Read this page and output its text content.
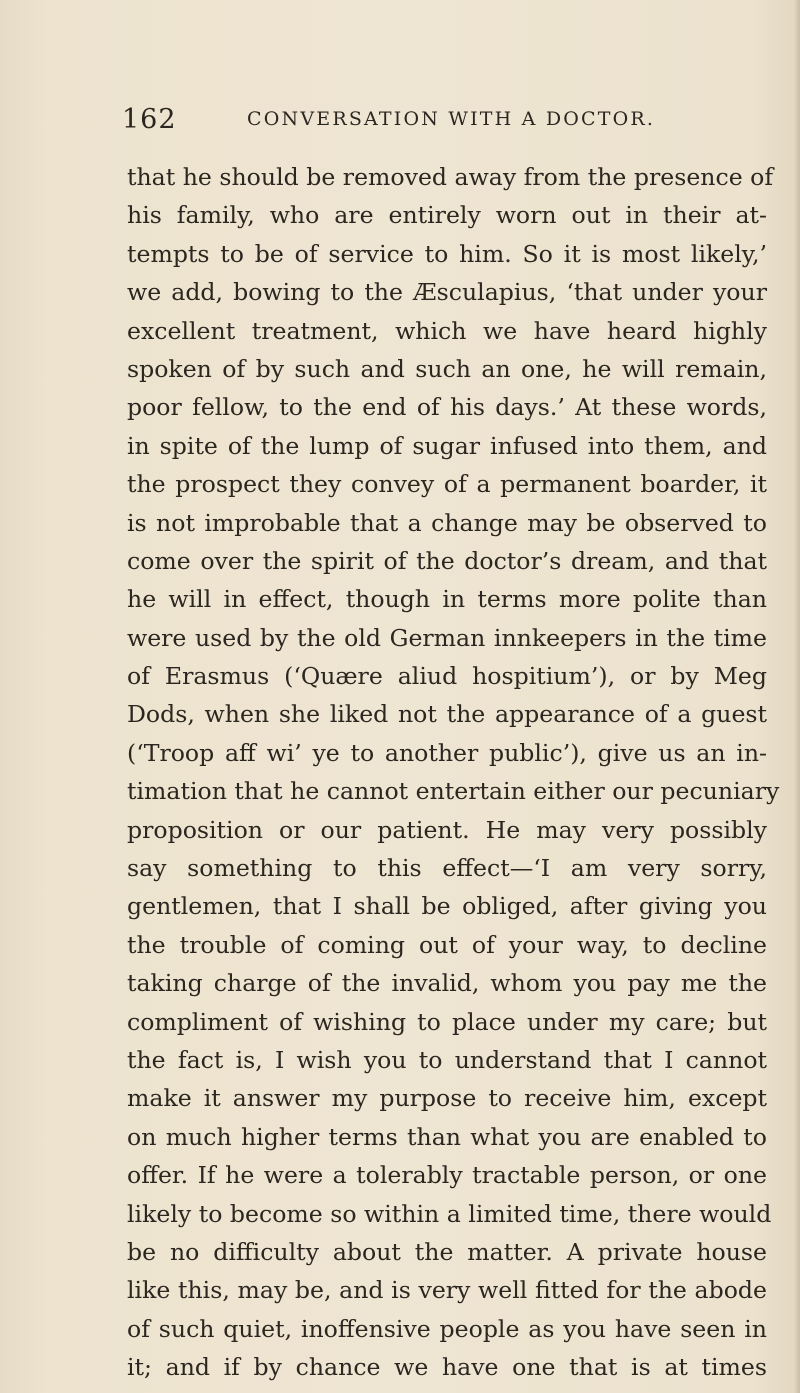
162	CONVERSATION WITH A DOCTOR.
that he should be removed away from the presence of
his family, who are entirely worn out in their at-
tempts to be of service to him. So it is most likely,’
we add, bowing to the Æsculapius, ‘that under your
excellent treatment, which we have heard highly
spoken of by such and such an one, he will remain,
poor fellow, to the end of his days.’ At these words,
in spite of the lump of sugar infused into them, and
the prospect they convey of a permanent boarder, it
is not improbable that a change may be observed to
come over the spirit of the doctor’s dream, and that
he will in effect, though in terms more polite than
were used by the old German innkeepers in the time
of Erasmus (‘Quære aliud hospitium’), or by Meg
Dods, when she liked not the appearance of a guest
(‘Troop aff wi’ ye to another public’), give us an in-
timation that he cannot entertain either our pecuniary
proposition or our patient. He may very possibly
say something to this effect—‘I am very sorry,
gentlemen, that I shall be obliged, after giving you
the trouble of coming out of your way, to decline
taking charge of the invalid, whom you pay me the
compliment of wishing to place under my care; but
the fact is, I wish you to understand that I cannot
make it answer my purpose to receive him, except
on much higher terms than what you are enabled to
offer. If he were a tolerably tractable person, or one
likely to become so within a limited time, there would
be no difficulty about the matter. A private house
like this, may be, and is very well fitted for the abode
of such quiet, inoffensive people as you have seen in
it; and if by chance we have one that is at times
